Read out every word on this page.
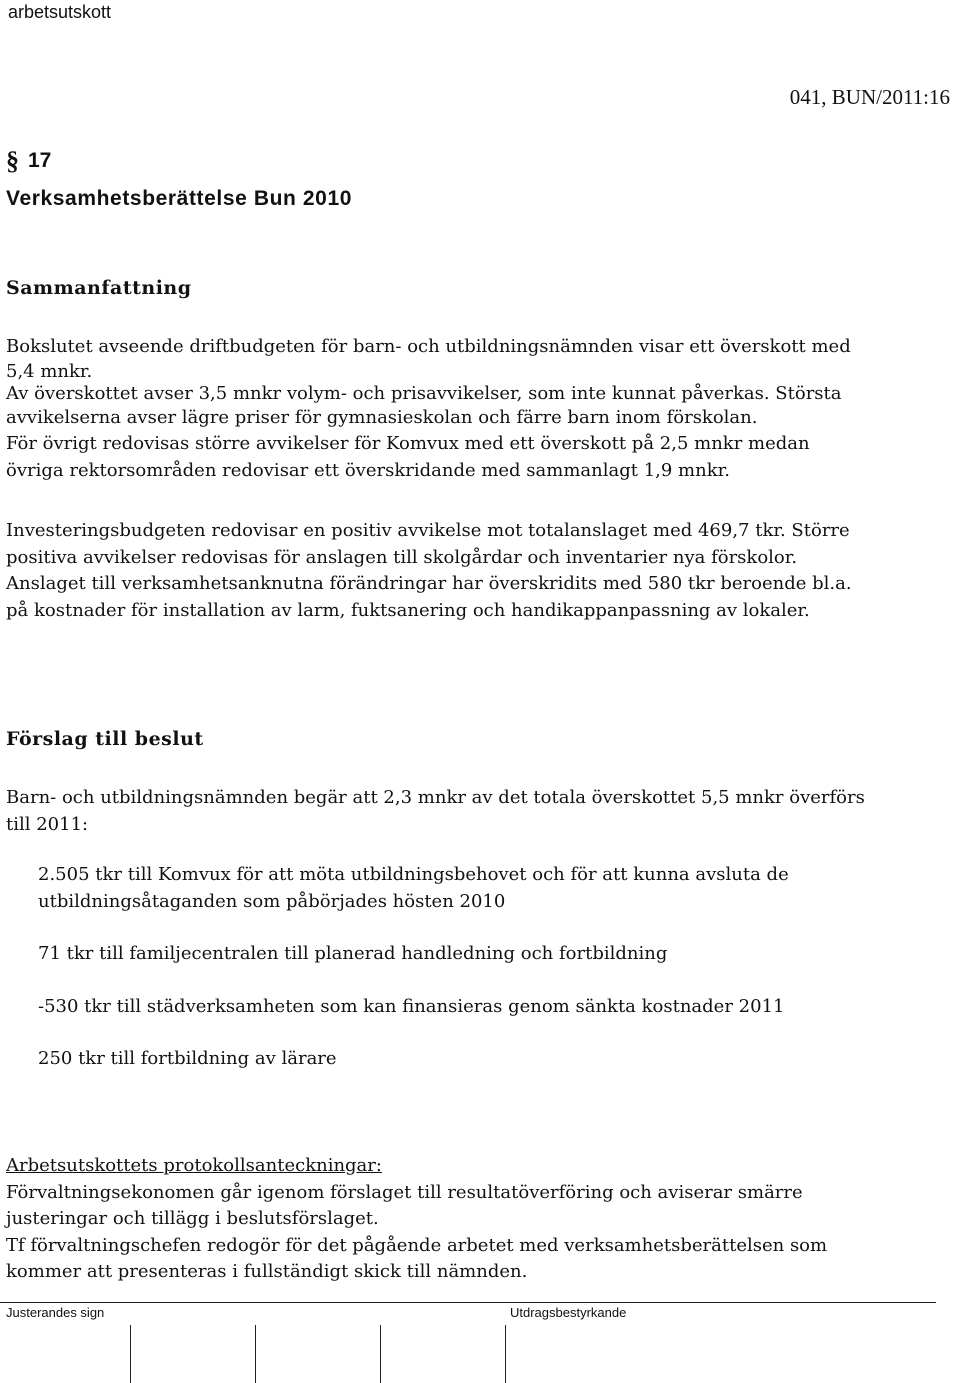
arbetsutskott
041, BUN/2011:16
§ 17
Verksamhetsberättelse Bun 2010
Sammanfattning

Bokslutet avseende driftbudgeten för barn- och utbildningsnämnden visar ett överskott med

5,4 mnkr.

Av överskottet avser 3,5 mnkr volym- och prisavvikelser, som inte kunnat påverkas. Största

avvikelserna avser lägre priser för gymnasieskolan och färre barn inom förskolan.

För övrigt redovisas större avvikelser för Komvux med ett överskott på 2,5 mnkr medan

övriga rektorsområden redovisar ett överskridande med sammanlagt 1,9 mnkr.

Investeringsbudgeten redovisar en positiv avvikelse mot totalanslaget med 469,7 tkr. Större

positiva avvikelser redovisas för anslagen till skolgårdar och inventarier nya förskolor.

Anslaget till verksamhetsanknutna förändringar har överskridits med 580 tkr beroende bl.a.

på kostnader för installation av larm, fuktsanering och handikappanpassning av lokaler.

Förslag till beslut

Barn- och utbildningsnämnden begär att 2,3 mnkr av det totala överskottet 5,5 mnkr överförs

till 2011:

2.505 tkr till Komvux för att möta utbildningsbehovet och för att kunna avsluta de

utbildningsåtaganden som påbörjades hösten 2010

71 tkr till familjecentralen till planerad handledning och fortbildning

-530 tkr till städverksamheten som kan finansieras genom sänkta kostnader 2011

250 tkr till fortbildning av lärare

Arbetsutskottets protokollsanteckningar:

Förvaltningsekonomen går igenom förslaget till resultatöverföring och aviserar smärre

justeringar och tillägg i beslutsförslaget.

Tf förvaltningschefen redogör för det pågående arbetet med verksamhetsberättelsen som

kommer att presenteras i fullständigt skick till nämnden.

Justerandes sign	Utdragsbestyrkande
